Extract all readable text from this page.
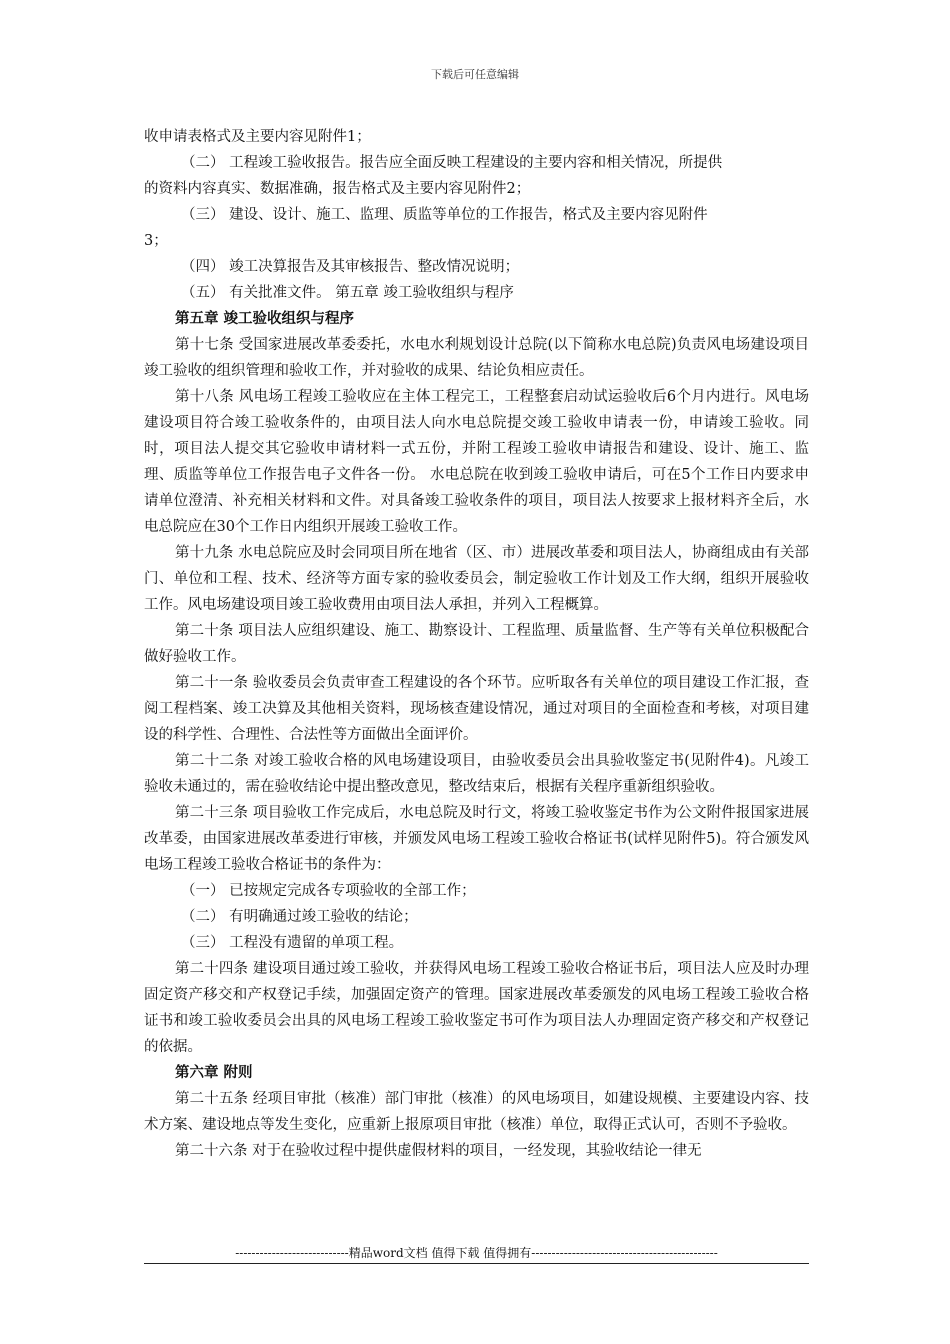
下载后可任意编辑

收申请表格式及主要内容见附件1；

（二） 工程竣工验收报告。报告应全面反映工程建设的主要内容和相关情况，所提供

的资料内容真实、数据准确，报告格式及主要内容见附件2；

（三） 建设、设计、施工、监理、质监等单位的工作报告，格式及主要内容见附件

3；

（四） 竣工决算报告及其审核报告、整改情况说明；

（五） 有关批准文件。 第五章 竣工验收组织与程序

第五章 竣工验收组织与程序

第十七条 受国家进展改革委委托，水电水利规划设计总院(以下简称水电总院)负责风电场建设项目竣工验收的组织管理和验收工作，并对验收的成果、结论负相应责任。

第十八条 风电场工程竣工验收应在主体工程完工，工程整套启动试运验收后6个月内进行。风电场建设项目符合竣工验收条件的，由项目法人向水电总院提交竣工验收申请表一份，申请竣工验收。同时，项目法人提交其它验收申请材料一式五份，并附工程竣工验收申请报告和建设、设计、施工、监理、质监等单位工作报告电子文件各一份。 水电总院在收到竣工验收申请后，可在5个工作日内要求申请单位澄清、补充相关材料和文件。对具备竣工验收条件的项目，项目法人按要求上报材料齐全后，水电总院应在30个工作日内组织开展竣工验收工作。

第十九条 水电总院应及时会同项目所在地省（区、市）进展改革委和项目法人，协商组成由有关部门、单位和工程、技术、经济等方面专家的验收委员会，制定验收工作计划及工作大纲，组织开展验收工作。风电场建设项目竣工验收费用由项目法人承担，并列入工程概算。

第二十条 项目法人应组织建设、施工、勘察设计、工程监理、质量监督、生产等有关单位积极配合做好验收工作。

第二十一条 验收委员会负责审查工程建设的各个环节。应听取各有关单位的项目建设工作汇报，查阅工程档案、竣工决算及其他相关资料，现场核查建设情况，通过对项目的全面检查和考核，对项目建设的科学性、合理性、合法性等方面做出全面评价。

第二十二条 对竣工验收合格的风电场建设项目，由验收委员会出具验收鉴定书(见附件4)。凡竣工验收未通过的，需在验收结论中提出整改意见，整改结束后，根据有关程序重新组织验收。

第二十三条 项目验收工作完成后，水电总院及时行文，将竣工验收鉴定书作为公文附件报国家进展改革委，由国家进展改革委进行审核，并颁发风电场工程竣工验收合格证书(试样见附件5)。符合颁发风电场工程竣工验收合格证书的条件为：

（一） 已按规定完成各专项验收的全部工作；

（二） 有明确通过竣工验收的结论；

（三） 工程没有遗留的单项工程。

第二十四条 建设项目通过竣工验收，并获得风电场工程竣工验收合格证书后，项目法人应及时办理固定资产移交和产权登记手续，加强固定资产的管理。国家进展改革委颁发的风电场工程竣工验收合格证书和竣工验收委员会出具的风电场工程竣工验收鉴定书可作为项目法人办理固定资产移交和产权登记的依据。

第六章 附则

第二十五条 经项目审批（核准）部门审批（核准）的风电场项目，如建设规模、主要建设内容、技术方案、建设地点等发生变化，应重新上报原项目审批（核准）单位，取得正式认可，否则不予验收。

第二十六条 对于在验收过程中提供虚假材料的项目，一经发现，其验收结论一律无

----------------------------精品word文档 值得下载 值得拥有----------------------------------------------
